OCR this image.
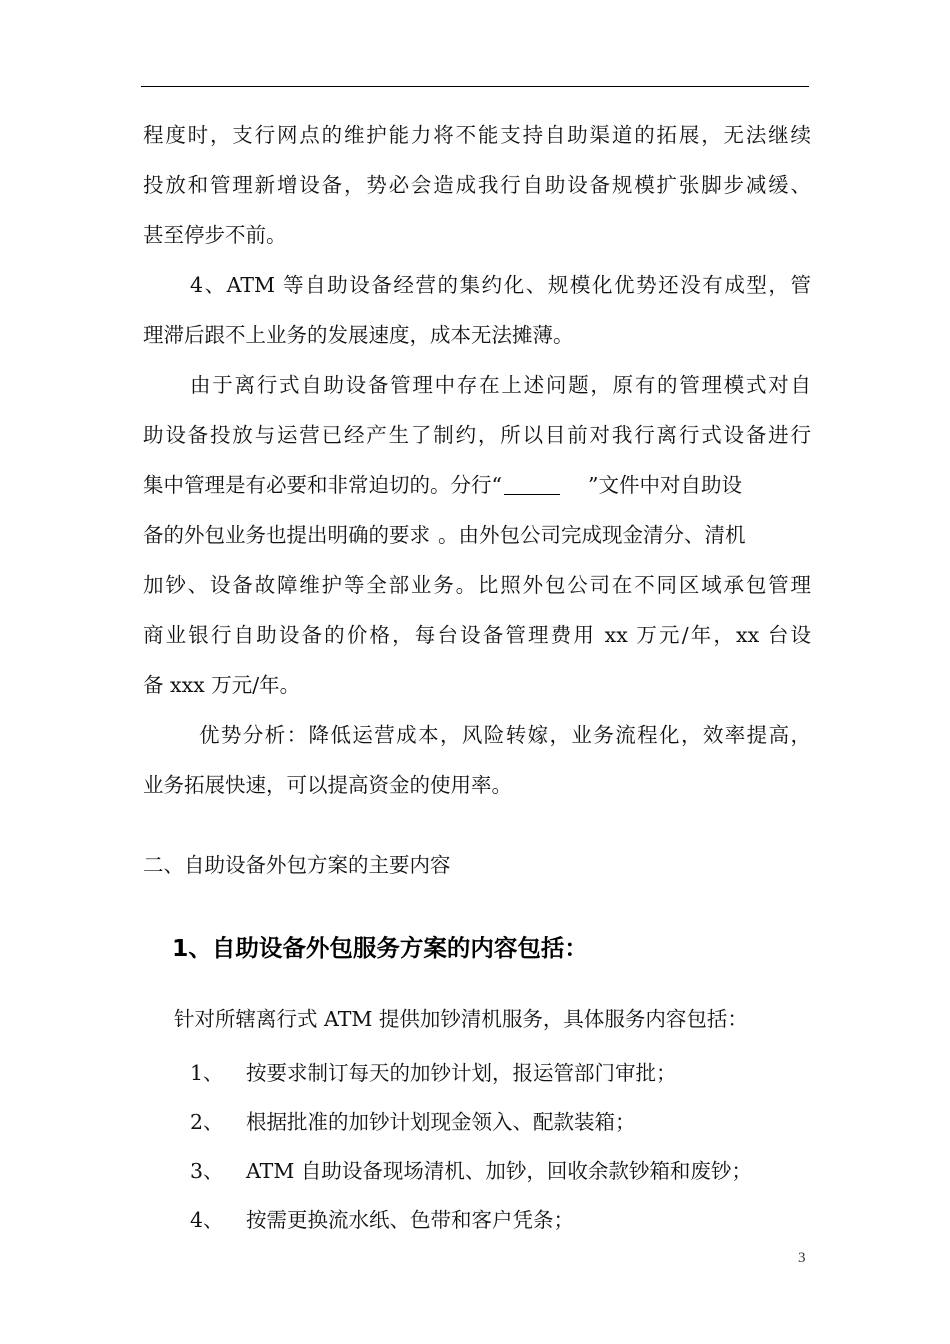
程度时，支行网点的维护能力将不能支持自助渠道的拓展，无法继续
投放和管理新增设备，势必会造成我行自助设备规模扩张脚步减缓、
甚至停步不前。
4、ATM 等自助设备经营的集约化、规模化优势还没有成型，管
理滞后跟不上业务的发展速度，成本无法摊薄。
由于离行式自助设备管理中存在上述问题，原有的管理模式对自
助设备投放与运营已经产生了制约，所以目前对我行离行式设备进行
集中管理是有必要和非常迫切的。分行“	”文件中对自助设
备的外包业务也提出明确的要求 。由外包公司完成现金清分、清机
加钞、设备故障维护等全部业务。比照外包公司在不同区域承包管理
商业银行自助设备的价格，每台设备管理费用 xx 万元/年，xx 台设
备 xxx 万元/年。
优势分析：降低运营成本，风险转嫁，业务流程化，效率提高，
业务拓展快速，可以提高资金的使用率。
二、自助设备外包方案的主要内容
1、自助设备外包服务方案的内容包括：
针对所辖离行式 ATM 提供加钞清机服务，具体服务内容包括：
1、 按要求制订每天的加钞计划，报运管部门审批；
2、 根据批准的加钞计划现金领入、配款装箱；
3、 ATM 自助设备现场清机、加钞，回收余款钞箱和废钞；
4、 按需更换流水纸、色带和客户凭条；
3
